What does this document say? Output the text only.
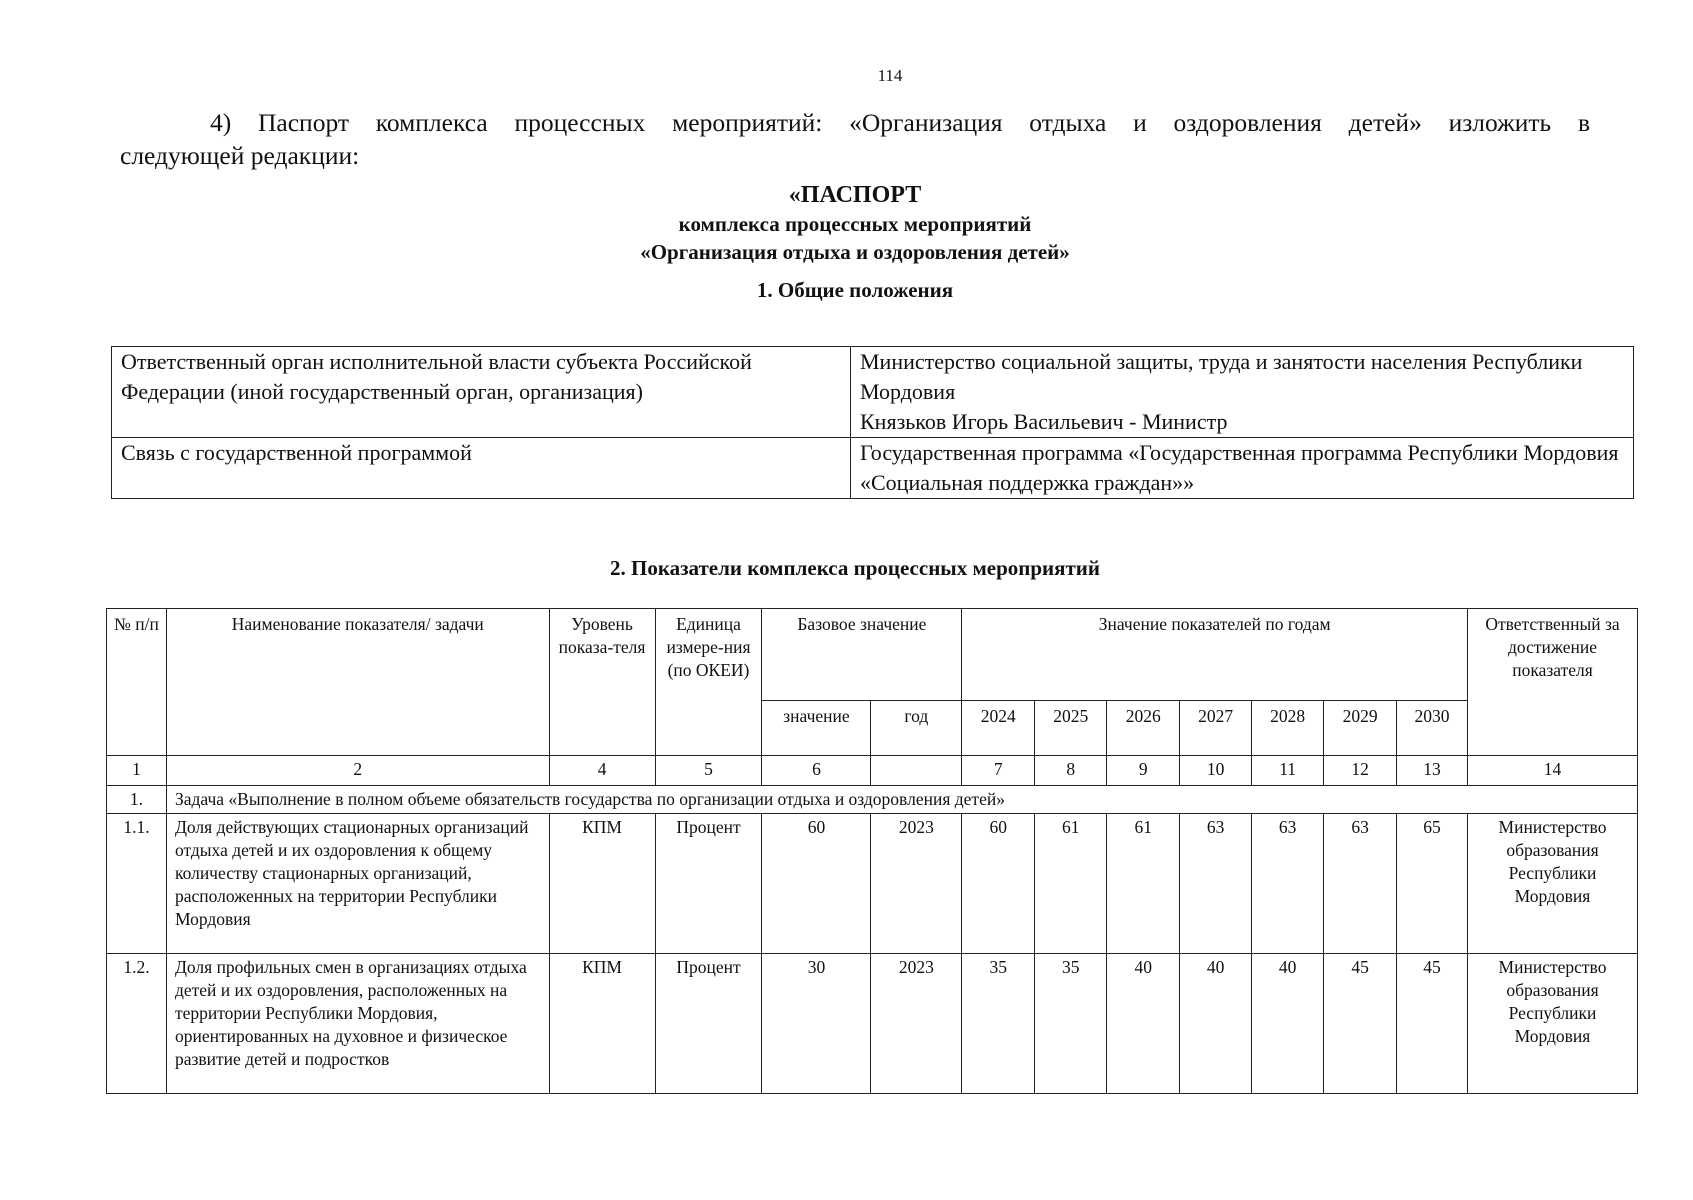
114
4) Паспорт комплекса процессных мероприятий: «Организация отдыха и оздоровления детей» изложить в
следующей редакции:
«ПАСПОРТ
комплекса процессных мероприятий
«Организация отдыха и оздоровления детей»
1. Общие положения
Ответственный орган исполнительной власти субъекта Российской Федерации (иной государственный орган, организация)	Министерство социальной защиты, труда и занятости населения Республики Мордовия
Князьков Игорь Васильевич - Министр

Связь с государственной программой	Государственная программа «Государственная программа Республики Мордовия «Социальная поддержка граждан»»
2. Показатели комплекса процессных мероприятий
№ п/п	Наименование показателя/ задачи	Уровень показа-теля	Единица измере-ния (по ОКЕИ)	Базовое значение		Значение показателей по годам							Ответственный за достижение показателя
				значение	год	2024	2025	2026	2027	2028	2029	2030	
1	2	4	5	6		7	8	9	10	11	12	13	14
1.	Задача «Выполнение в полном объеме обязательств государства по организации отдыха и оздоровления детей»												
1.1.	Доля действующих стационарных организаций отдыха детей и их оздоровления к общему количеству стационарных организаций, расположенных на территории Республики Мордовия	КПМ	Процент	60	2023	60	61	61	63	63	63	65	Министерство образования Республики Мордовия
1.2.	Доля профильных смен в организациях отдыха детей и их оздоровления, расположенных на территории Республики Мордовия, ориентированных на духовное и физическое развитие детей и подростков	КПМ	Процент	30	2023	35	35	40	40	40	45	45	Министерство образования Республики Мордовия
